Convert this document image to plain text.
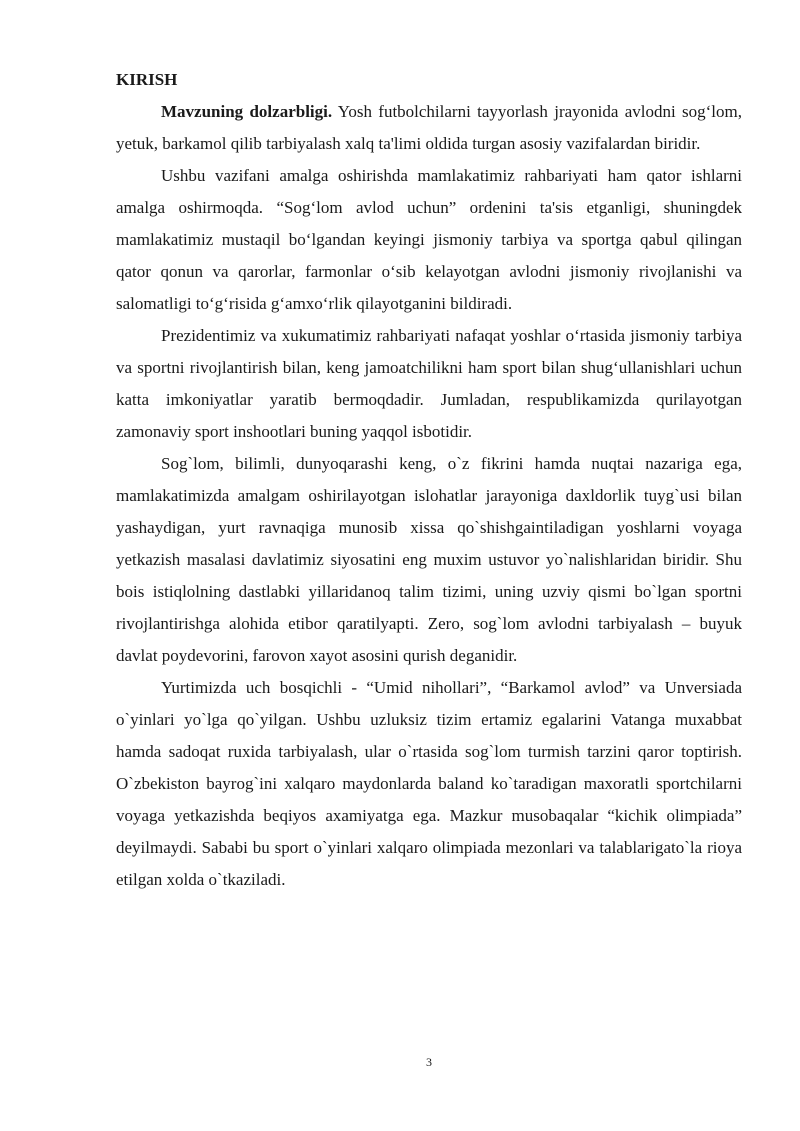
KIRISH

Mavzuning dolzarbligi. Yosh futbolchilarni tayyorlash jrayonida avlodni sog‘lom, yetuk, barkamol qilib tarbiyalash xalq ta'limi oldida turgan asosiy vazifalardan biridir.

Ushbu vazifani amalga oshirishda mamlakatimiz rahbariyati ham qator ishlarni amalga oshirmoqda. “Sog‘lom avlod uchun” ordenini ta'sis etganligi, shuningdek mamlakatimiz mustaqil bo‘lgandan keyingi jismoniy tarbiya va sportga qabul qilingan qator qonun va qarorlar, farmonlar o‘sib kelayotgan avlodni jismoniy rivojlanishi va salomatligi to‘g‘risida g‘amxo‘rlik qilayotganini bildiradi.

Prezidentimiz va xukumatimiz rahbariyati nafaqat yoshlar o‘rtasida jismoniy tarbiya va sportni rivojlantirish bilan, keng jamoatchilikni ham sport bilan shug‘ullanishlari uchun katta imkoniyatlar yaratib bermoqdadir. Jumladan, respublikamizda qurilayotgan zamonaviy sport inshootlari buning yaqqol isbotidir.

Sog`lom, bilimli, dunyoqarashi keng, o`z fikrini hamda nuqtai nazariga ega, mamlakatimizda amalgam oshirilayotgan islohatlar jarayoniga daxldorlik tuyg`usi bilan yashaydigan, yurt ravnaqiga munosib xissa qo`shishgaintiladigan yoshlarni voyaga yetkazish masalasi davlatimiz siyosatini eng muxim ustuvor yo`nalishlaridan biridir. Shu bois istiqlolning dastlabki yillaridanoq talim tizimi, uning uzviy qismi bo`lgan sportni rivojlantirishga alohida etibor qaratilyapti. Zero, sog`lom avlodni tarbiyalash – buyuk davlat poydevorini, farovon xayot asosini qurish deganidir.

Yurtimizda uch bosqichli - “Umid nihollari”, “Barkamol avlod” va Unversiada o`yinlari yo`lga qo`yilgan. Ushbu uzluksiz tizim ertamiz egalarini Vatanga muxabbat hamda sadoqat ruxida tarbiyalash, ular o`rtasida sog`lom turmish tarzini qaror toptirish. O`zbekiston bayrog`ini xalqaro maydonlarda baland ko`taradigan maxoratli sportchilarni voyaga yetkazishda beqiyos axamiyatga ega. Mazkur musobaqalar “kichik olimpiada” deyilmaydi. Sababi bu sport o`yinlari xalqaro olimpiada mezonlari va talablarigato`la rioya etilgan xolda o`tkaziladi.

3
